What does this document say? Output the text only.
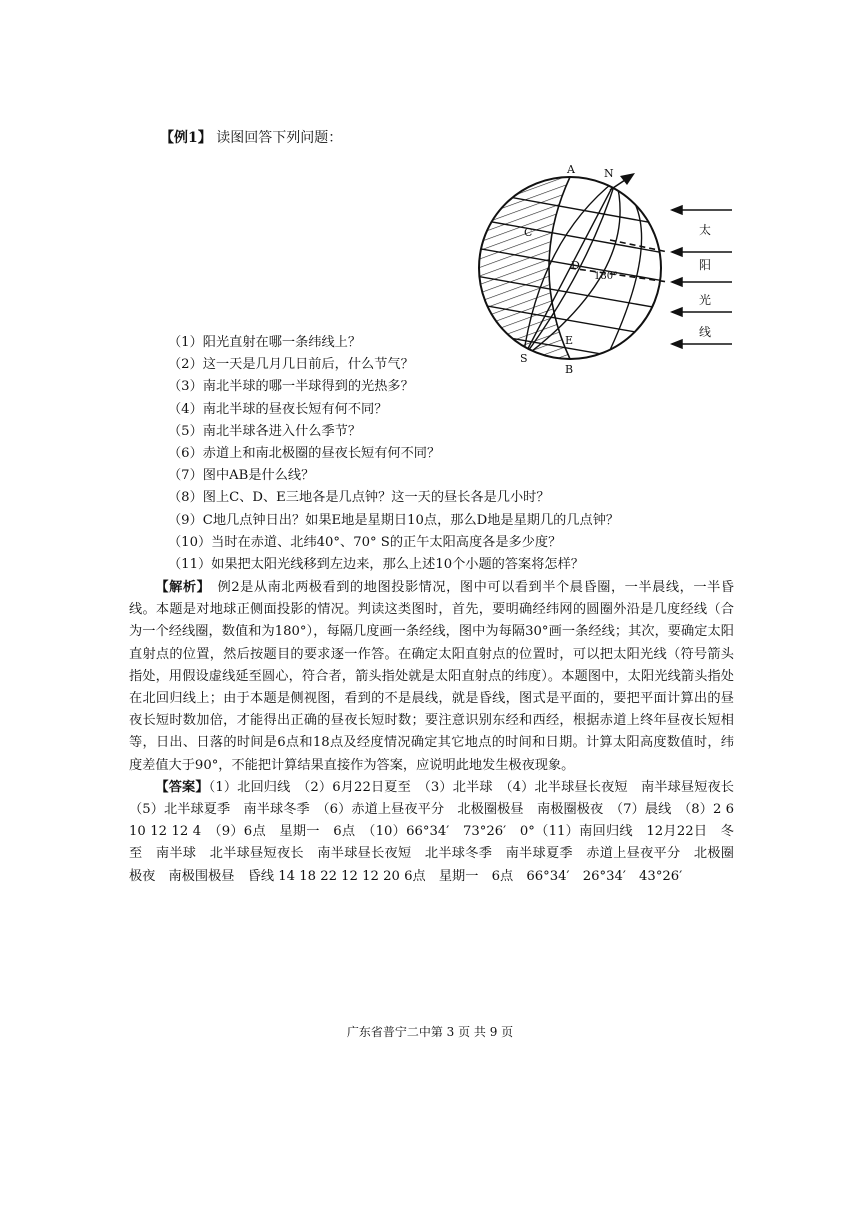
【例1】 读图回答下列问题：
A
B
C
D
E
N
S
180°
太
阳
光
线
（1）阳光直射在哪一条纬线上？
（2）这一天是几月几日前后，什么节气？
（3）南北半球的哪一半球得到的光热多？
（4）南北半球的昼夜长短有何不同？
（5）南北半球各进入什么季节？
（6）赤道上和南北极圈的昼夜长短有何不同？
（7）图中AB是什么线？
（8）图上C、D、E三地各是几点钟？这一天的昼长各是几小时？
（9）C地几点钟日出？如果E地是星期日10点，那么D地是星期几的几点钟？
（10）当时在赤道、北纬40°、70° S的正午太阳高度各是多少度？
（11）如果把太阳光线移到左边来，那么上述10个小题的答案将怎样？

【解析】　例2是从南北两极看到的地图投影情况，图中可以看到半个晨昏圈，一半晨线，一半昏线。本题是对地球正侧面投影的情况。判读这类图时，首先，要明确经纬网的圆圈外沿是几度经线（合为一个经线圈，数值和为180°），每隔几度画一条经线，图中为每隔30°画一条经线；其次，要确定太阳直射点的位置，然后按题目的要求逐一作答。在确定太阳直射点的位置时，可以把太阳光线（符号箭头指处，用假设虚线延至圆心，符合者，箭头指处就是太阳直射点的纬度）。本题图中，太阳光线箭头指处在北回归线上；由于本题是侧视图，看到的不是晨线，就是昏线，图式是平面的，要把平面计算出的昼夜长短时数加倍，才能得出正确的昼夜长短时数；要注意识别东经和西经，根据赤道上终年昼夜长短相等，日出、日落的时间是6点和18点及经度情况确定其它地点的时间和日期。计算太阳高度数值时，纬度差值大于90°，不能把计算结果直接作为答案，应说明此地发生极夜现象。

【答案】（1）北回归线　（2）6月22日夏至　（3）北半球　（4）北半球昼长夜短　南半球昼短夜长　（5）北半球夏季　南半球冬季　（6）赤道上昼夜平分　北极圈极昼　南极圈极夜　（7）晨线　（8）2 6 10 12 12 4　（9）6点　星期一　6点　（10）66°34′　73°26′　0°（11）南回归线　12月22日　冬至　南半球　北半球昼短夜长　南半球昼长夜短　北半球冬季　南半球夏季　赤道上昼夜平分　北极圈极夜　南极围极昼　昏线 14 18 22 12 12 20 6点　星期一　6点　66°34′　26°34′　43°26′

广东省普宁二中第 3 页 共 9 页
